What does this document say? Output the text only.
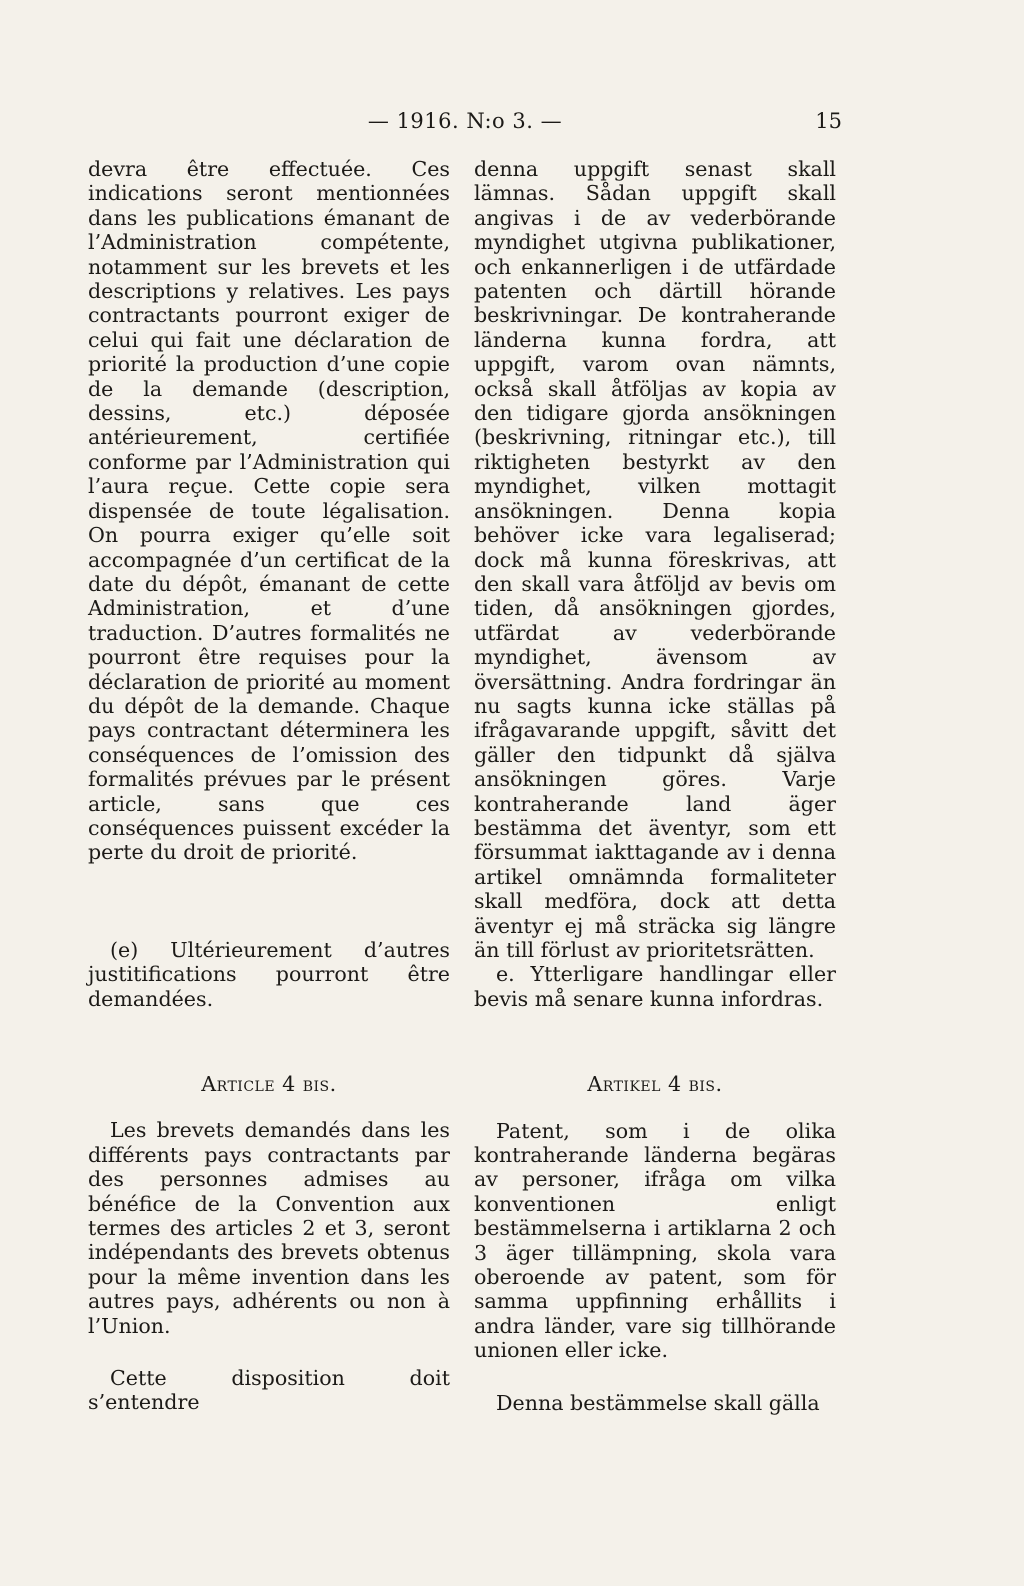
— 1916. N:o 3. —	15

devra être effectuée. Ces indications seront mentionnées dans les publications émanant de l’Administration compétente, notamment sur les brevets et les descriptions y relatives. Les pays contractants pourront exiger de celui qui fait une déclaration de priorité la production d’une copie de la demande (description, dessins, etc.) déposée antérieurement, certifiée conforme par l’Administration qui l’aura reçue. Cette copie sera dispensée de toute légalisation. On pourra exiger qu’elle soit accompagnée d’un certificat de la date du dépôt, émanant de cette Administration, et d’une traduction. D’autres formalités ne pourront être requises pour la déclaration de priorité au moment du dépôt de la demande. Chaque pays contractant déterminera les conséquences de l’omission des formalités prévues par le présent article, sans que ces conséquences puissent excéder la perte du droit de priorité.

(e) Ultérieurement d’autres justitifications pourront être demandées.

Article 4 bis.

Les brevets demandés dans les différents pays contractants par des personnes admises au bénéfice de la Convention aux termes des articles 2 et 3, seront indépendants des brevets obtenus pour la même invention dans les autres pays, adhérents ou non à l’Union.

Cette disposition doit s’entendre

denna uppgift senast skall lämnas. Sådan uppgift skall angivas i de av vederbörande myndighet utgivna publikationer, och enkannerligen i de utfärdade patenten och därtill hörande beskrivningar. De kontraherande länderna kunna fordra, att uppgift, varom ovan nämnts, också skall åtföljas av kopia av den tidigare gjorda ansökningen (beskrivning, ritningar etc.), till riktigheten bestyrkt av den myndighet, vilken mottagit ansökningen. Denna kopia behöver icke vara legaliserad; dock må kunna föreskrivas, att den skall vara åtföljd av bevis om tiden, då ansökningen gjordes, utfärdat av vederbörande myndighet, ävensom av översättning. Andra fordringar än nu sagts kunna icke ställas på ifrågavarande uppgift, såvitt det gäller den tidpunkt då själva ansökningen göres. Varje kontraherande land äger bestämma det äventyr, som ett försummat iakttagande av i denna artikel omnämnda formaliteter skall medföra, dock att detta äventyr ej må sträcka sig längre än till förlust av prioritetsrätten.

e. Ytterligare handlingar eller bevis må senare kunna infordras.

Artikel 4 bis.

Patent, som i de olika kontraherande länderna begäras av personer, ifråga om vilka konventionen enligt bestämmelserna i artiklarna 2 och 3 äger tillämpning, skola vara oberoende av patent, som för samma uppfinning erhållits i andra länder, vare sig tillhörande unionen eller icke.

Denna bestämmelse skall gälla
